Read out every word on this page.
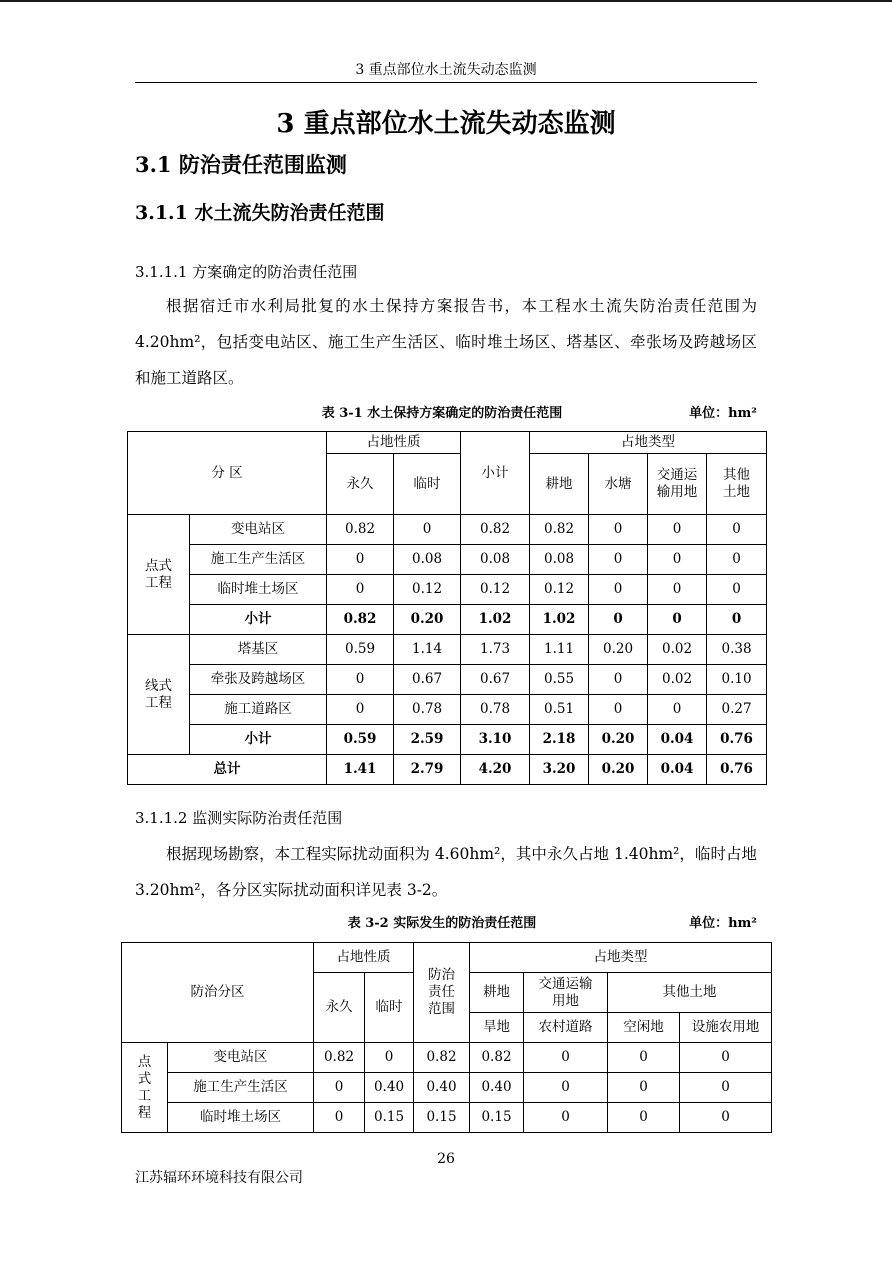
3 重点部位水土流失动态监测
3 重点部位水土流失动态监测
3.1 防治责任范围监测
3.1.1 水土流失防治责任范围
3.1.1.1 方案确定的防治责任范围

根据宿迁市水利局批复的水土保持方案报告书，本工程水土流失防治责任范围为 4.20hm²，包括变电站区、施工生产生活区、临时堆土场区、塔基区、牵张场及跨越场区和施工道路区。

表 3-1 水土保持方案确定的防治责任范围	单位：hm²
分 区		占地性质		小计	占地类型			
		永久	临时		耕地	水塘	交通运输用地	其他土地
点式工程	变电站区	0.82	0	0.82	0.82	0	0	0
	施工生产生活区	0	0.08	0.08	0.08	0	0	0
	临时堆土场区	0	0.12	0.12	0.12	0	0	0
	小计	0.82	0.20	1.02	1.02	0	0	0
线式工程	塔基区	0.59	1.14	1.73	1.11	0.20	0.02	0.38
	牵张及跨越场区	0	0.67	0.67	0.55	0	0.02	0.10
	施工道路区	0	0.78	0.78	0.51	0	0	0.27
	小计	0.59	2.59	3.10	2.18	0.20	0.04	0.76
总计		1.41	2.79	4.20	3.20	0.20	0.04	0.76
3.1.1.2 监测实际防治责任范围

根据现场勘察，本工程实际扰动面积为 4.60hm²，其中永久占地 1.40hm²，临时占地 3.20hm²，各分区实际扰动面积详见表 3-2。

表 3-2 实际发生的防治责任范围	单位：hm²
防治分区		占地性质		防治责任范围	占地类型			
		永久	临时		耕地	交通运输用地	其他土地	
					旱地	农村道路	空闲地	设施农用地
点式工程	变电站区	0.82	0	0.82	0.82	0	0	0
	施工生产生活区	0	0.40	0.40	0.40	0	0	0
	临时堆土场区	0	0.15	0.15	0.15	0	0	0
26
江苏辐环环境科技有限公司
